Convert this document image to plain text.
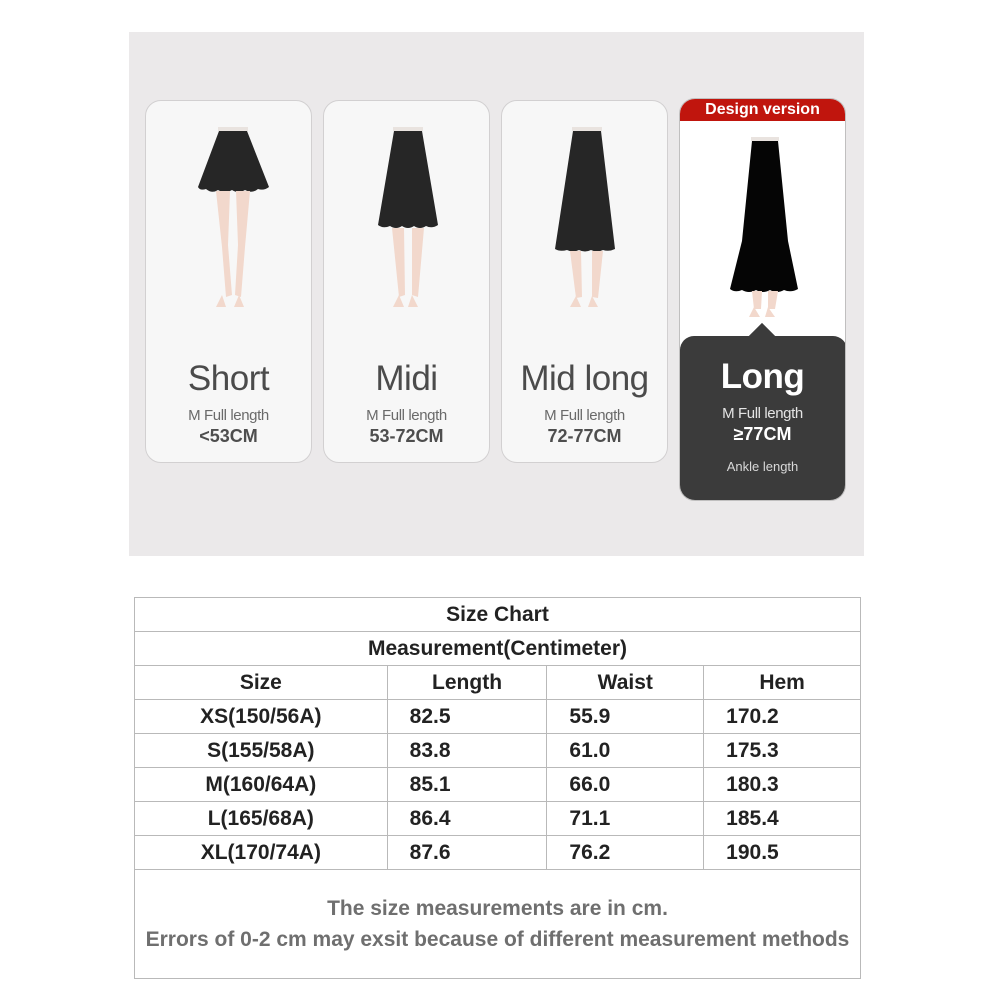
Short
M Full length
<53CM
Midi
M Full length
53-72CM
Mid long
M Full length
72-77CM
Design version
Long
M Full length
≥77CM
Ankle length
Size Chart			
Measurement(Centimeter)			
Size	Length	Waist	Hem
XS(150/56A)	82.5	55.9	170.2
S(155/58A)	83.8	61.0	175.3
M(160/64A)	85.1	66.0	180.3
L(165/68A)	86.4	71.1	185.4
XL(170/74A)	87.6	76.2	190.5

The size measurements are in cm.
Errors of 0-2 cm may exsit because of different measurement methods			
